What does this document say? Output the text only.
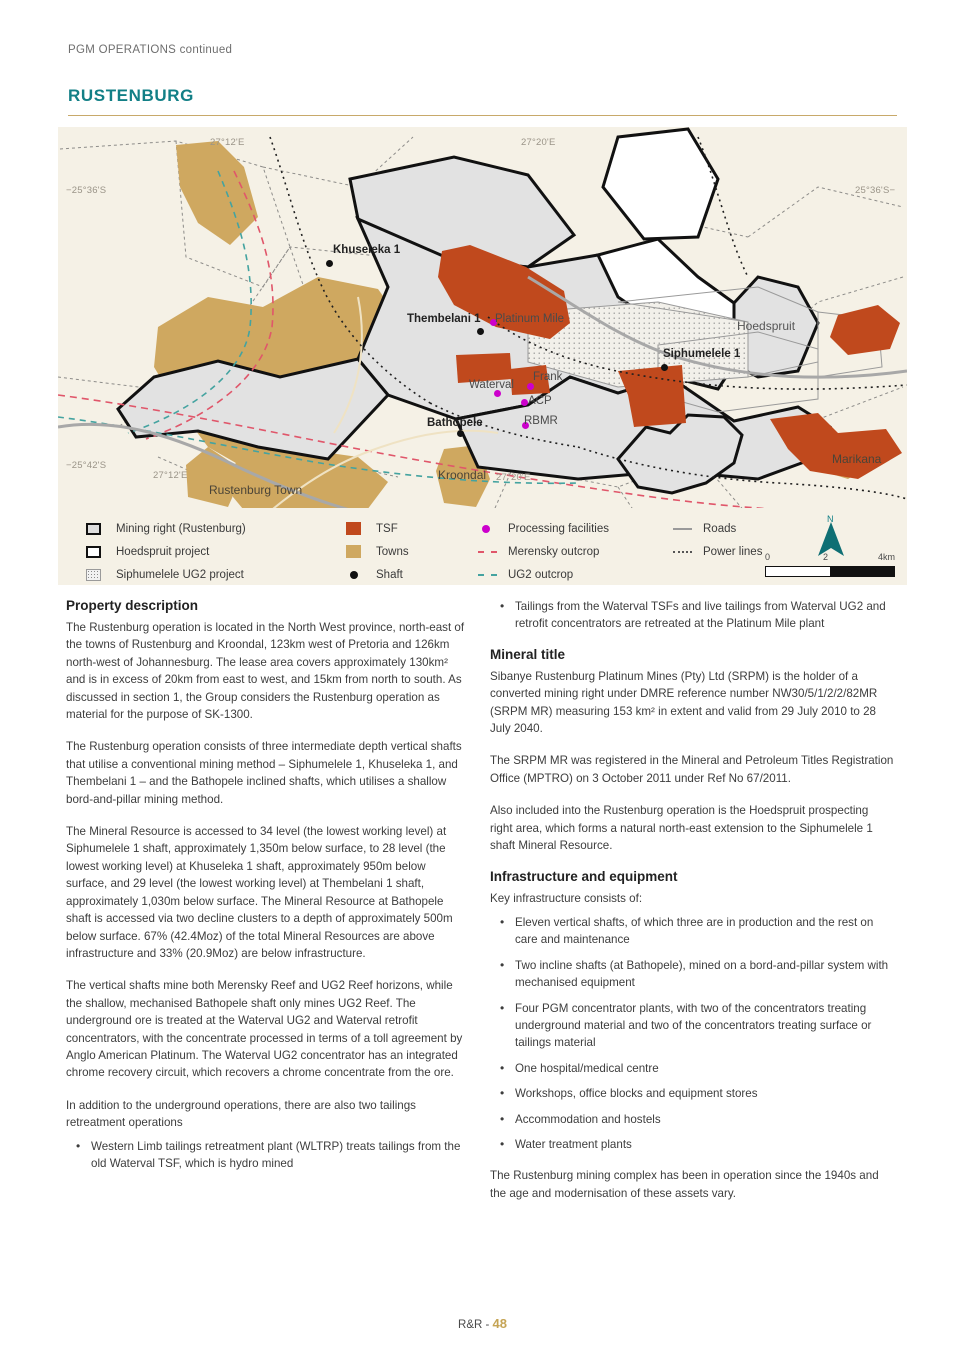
PGM OPERATIONS continued
RUSTENBURG
27°12'E	27°20'E
−25°36'S	25°36'S−
−25°42'S
27°12'E	27°20'E
Khuseleka 1
Thembelani 1
Siphumelele 1
Bathopele
Platinum Mile
Waterval
Frank
ACP
RBMR
Rustenburg Town
Kroondal
Marikana
Hoedspruit
Mining right (Rustenburg)
Hoedspruit project
Siphumelele UG2 project
TSF
Towns
Shaft
Processing facilities
Merensky outcrop
UG2 outcrop
Roads
Power lines
N
0	2	4km
Property description

The Rustenburg operation is located in the North West province, north-east of the towns of Rustenburg and Kroondal, 123km west of Pretoria and 126km north-west of Johannesburg. The lease area covers approximately 130km² and is in excess of 20km from east to west, and 15km from north to south. As discussed in section 1, the Group considers the Rustenburg operation as material for the purpose of SK-1300.

The Rustenburg operation consists of three intermediate depth vertical shafts that utilise a conventional mining method – Siphumelele 1, Khuseleka 1, and Thembelani 1 – and the Bathopele inclined shafts, which utilises a shallow bord-and-pillar mining method.

The Mineral Resource is accessed to 34 level (the lowest working level) at Siphumelele 1 shaft, approximately 1,350m below surface, to 28 level (the lowest working level) at Khuseleka 1 shaft, approximately 950m below surface, and 29 level (the lowest working level) at Thembelani 1 shaft, approximately 1,030m below surface. The Mineral Resource at Bathopele shaft is accessed via two decline clusters to a depth of approximately 500m below surface. 67% (42.4Moz) of the total Mineral Resources are above infrastructure and 33% (20.9Moz) are below infrastructure.

The vertical shafts mine both Merensky Reef and UG2 Reef horizons, while the shallow, mechanised Bathopele shaft only mines UG2 Reef. The underground ore is treated at the Waterval UG2 and Waterval retrofit concentrators, with the concentrate processed in terms of a toll agreement by Anglo American Platinum. The Waterval UG2 concentrator has an integrated chrome recovery circuit, which recovers a chrome concentrate from the ore.

In addition to the underground operations, there are also two tailings retreatment operations

• Western Limb tailings retreatment plant (WLTRP) treats tailings from the old Waterval TSF, which is hydro mined
• Tailings from the Waterval TSFs and live tailings from Waterval UG2 and retrofit concentrators are retreated at the Platinum Mile plant
Mineral title

Sibanye Rustenburg Platinum Mines (Pty) Ltd (SRPM) is the holder of a converted mining right under DMRE reference number NW30/5/1/2/2/82MR (SRPM MR) measuring 153 km² in extent and valid from 29 July 2010 to 28 July 2040.

The SRPM MR was registered in the Mineral and Petroleum Titles Registration Office (MPTRO) on 3 October 2011 under Ref No 67/2011.

Also included into the Rustenburg operation is the Hoedspruit prospecting right area, which forms a natural north-east extension to the Siphumelele 1 shaft Mineral Resource.

Infrastructure and equipment

Key infrastructure consists of:

• Eleven vertical shafts, of which three are in production and the rest on care and maintenance
• Two incline shafts (at Bathopele), mined on a bord-and-pillar system with mechanised equipment
• Four PGM concentrator plants, with two of the concentrators treating underground material and two of the concentrators treating surface or tailings material
• One hospital/medical centre
• Workshops, office blocks and equipment stores
• Accommodation and hostels
• Water treatment plants

The Rustenburg mining complex has been in operation since the 1940s and the age and modernisation of these assets vary.

R&R - 48
